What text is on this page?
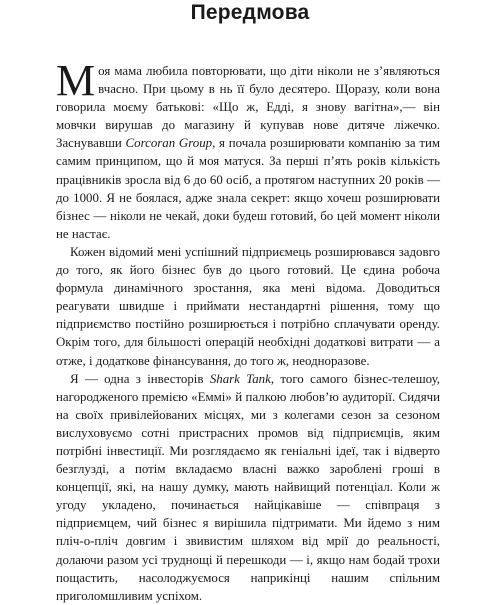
Передмова

Моя мама любила повторювати, що діти ніколи не з’являються вчасно. При цьому в нь її було десятеро. Щоразу, коли вона говорила моєму батькові: «Що ж, Едді, я знову вагітна»,— він мовчки вирушав до магазину й купував нове дитяче ліжечко. Заснувавши Corcoran Group, я почала розширювати компанію за тим самим принципом, що й моя матуся. За перші п’ять років кількість працівників зросла від 6 до 60 осіб, а протягом наступних 20 років — до 1000. Я не боялася, адже знала секрет: якщо хочеш розширювати бізнес — ніколи не чекай, доки будеш готовий, бо цей момент ніколи не настає.

Кожен відомий мені успішний підприємець розширювався задовго до того, як його бізнес був до цього готовий. Це єдина робоча формула динамічного зростання, яка мені відома. Доводиться реагувати швидше і приймати нестандартні рішення, тому що підприємство постійно розширюється і потрібно сплачувати оренду. Окрім того, для більшості операцій необхідні додаткові витрати — а отже, і додаткове фінансування, до того ж, неодноразове.

Я — одна з інвесторів Shark Tank, того самого бізнес-телешоу, нагородженого премією «Еммі» й палкою любов’ю аудиторії. Сидячи на своїх привілейованих місцях, ми з колегами сезон за сезоном вислуховуємо сотні пристрасних промов від підприємців, яким потрібні інвестиції. Ми розглядаємо як геніальні ідеї, так і відверто безглузді, а потім вкладаємо власні важко зароблені гроші в концепції, які, на нашу думку, мають найвищий потенціал. Коли ж угоду укладено, починається найцікавіше — співпраця з підприємцем, чий бізнес я вирішила підтримати. Ми йдемо з ним пліч-о-пліч довгим і звивистим шляхом від мрії до реальності, долаючи разом усі труднощі й перешкоди — і, якщо нам бодай трохи пощастить, насолоджуємося наприкінці нашим спільним приголомшливим успіхом.
